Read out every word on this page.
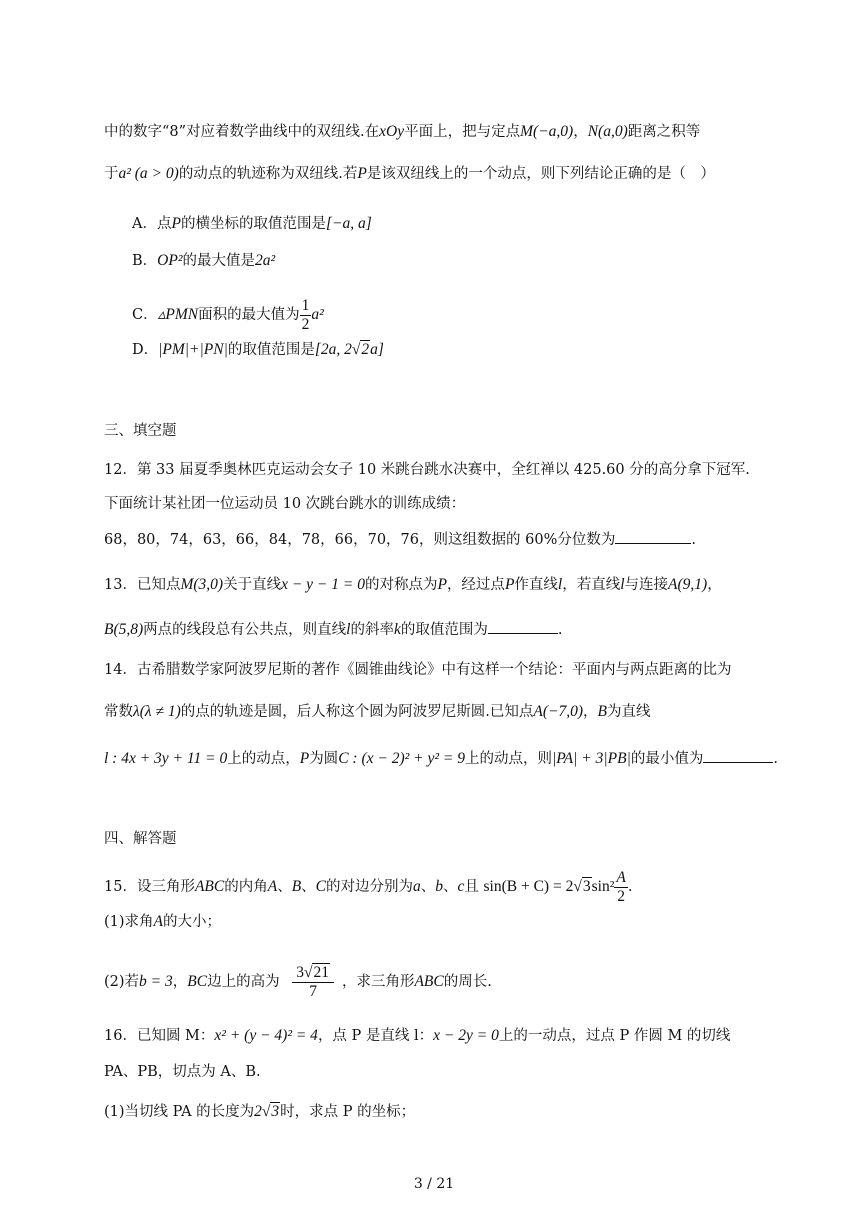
中的数字“8”对应着数学曲线中的双纽线.在xOy平面上，把与定点M(−a,0)，N(a,0)距离之积等
于a² (a > 0)的动点的轨迹称为双纽线.若P是该双纽线上的一个动点，则下列结论正确的是（　）
A．点P的横坐标的取值范围是[−a, a]
B．OP²的最大值是2a²
C．▵PMN面积的最大值为 $\frac{1}{2} a^2$
D．|PM|+|PN|的取值范围是[2a, 2√2a]
三、填空题
12．第 33 届夏季奥林匹克运动会女子 10 米跳台跳水决赛中，全红禅以 425.60 分的高分拿下冠军.
下面统计某社团一位运动员 10 次跳台跳水的训练成绩：
68，80，74，63，66，84，78，66，70，76，则这组数据的 60%分位数为	.
13．已知点M(3,0)关于直线x − y − 1 = 0的对称点为P，经过点P作直线l，若直线l与连接A(9,1)，
B(5,8)两点的线段总有公共点，则直线l的斜率k的取值范围为	.
14．古希腊数学家阿波罗尼斯的著作《圆锥曲线论》中有这样一个结论：平面内与两点距离的比为
常数λ(λ ≠ 1)的点的轨迹是圆，后人称这个圆为阿波罗尼斯圆.已知点A(−7,0)，B为直线
l : 4x + 3y + 11 = 0上的动点，P为圆C : (x − 2)² + y² = 9上的动点，则|PA| + 3|PB|的最小值为	.
四、解答题
15．设三角形ABC的内角A、B、C的对边分别为a、b、c且 $\sin(B + C) = 2√3\sin^2 \frac{A}{2}$ .
(1)求角A的大小；
(2)若b = 3，BC边上的高为 $\frac{3√21}{7}$ ，求三角形ABC的周长.
16．已知圆 M：x² + (y − 4)² = 4，点 P 是直线 l：x − 2y = 0上的一动点，过点 P 作圆 M 的切线
PA、PB，切点为 A、B.
(1)当切线 PA 的长度为2√3时，求点 P 的坐标；
3 / 21
